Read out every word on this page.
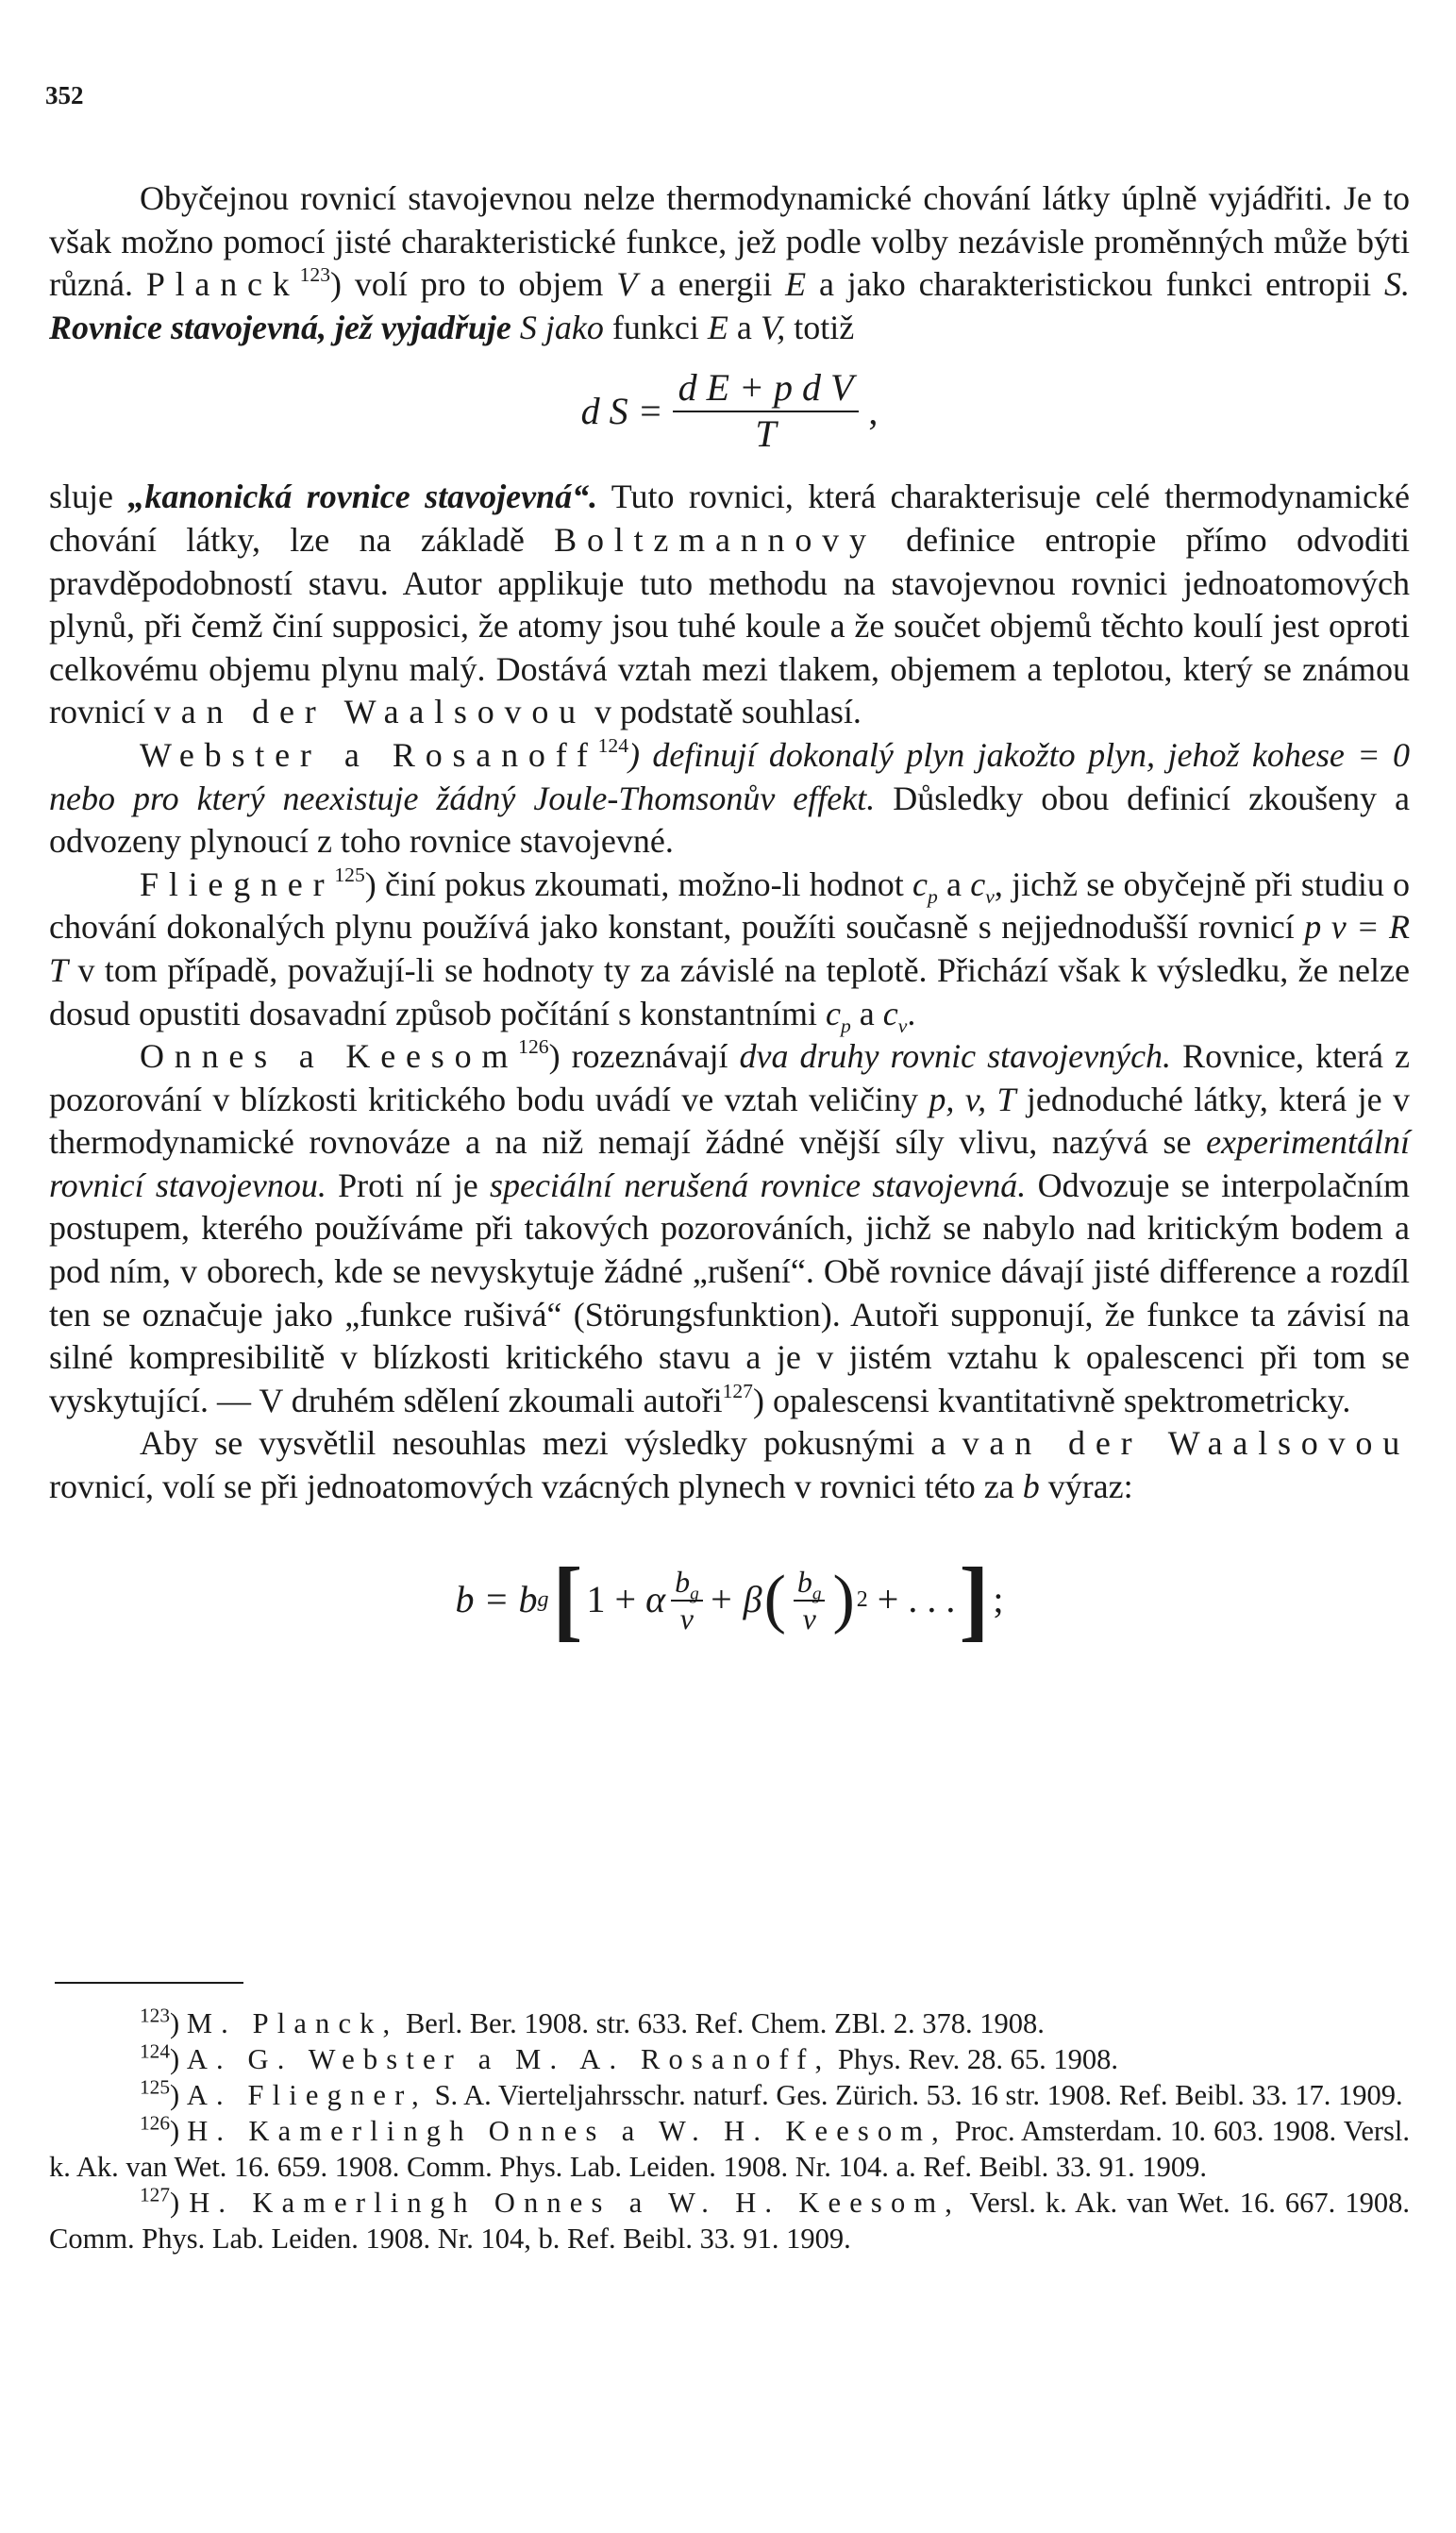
352

Obyčejnou rovnicí stavojevnou nelze thermodynamické chování látky úplně vyjádřiti. Je to však možno pomocí jisté charakteristické funkce, jež podle volby nezávisle proměnných může býti různá. Planck$^{123}$) volí pro to objem V a energii E a jako charakteristickou funkci entropii S. Rovnice stavojevná, jež vyjadřuje S jako funkci E a V, totiž

d $S = \frac{\text{d E + p d V}}{T}$ ,

sluje „kanonická rovnice stavojevná“. Tuto rovnici, která charakterisuje celé thermodynamické chování látky, lze na základě Boltzmannovy definice entropie přímo odvoditi pravděpodobností stavu. Autor applikuje tuto methodu na stavojevnou rovnici jednoatomových plynů, při čemž činí supposici, že atomy jsou tuhé koule a že součet objemů těchto koulí jest oproti celkovému objemu plynu malý. Dostává vztah mezi tlakem, objemem a teplotou, který se známou rovnicí van der Waalsovou v podstatě souhlasí.

Webster a Rosanoff$^{124}$) definují dokonalý plyn jakožto plyn, jehož kohese = 0 nebo pro který neexistuje žádný Joule-Thomsonův effekt. Důsledky obou definicí zkoušeny a odvozeny plynoucí z toho rovnice stavojevné.

Fliegner$^{125}$) činí pokus zkoumati, možno-li hodnot $c_p$ a $c_v$, jichž se obyčejně při studiu o chování dokonalých plynu používá jako konstant, použíti současně s nejjednodušší rovnicí p v = R T v tom případě, považují-li se hodnoty ty za závislé na teplotě. Přichází však k výsledku, že nelze dosud opustiti dosavadní způsob počítání s konstantními $c_p$ a $c_v$.

Onnes a Keesom$^{126}$) rozeznávají dva druhy rovnic stavojevných. Rovnice, která z pozorování v blízkosti kritického bodu uvádí ve vztah veličiny p, v, T jednoduché látky, která je v thermodynamické rovnováze a na niž nemají žádné vnější síly vlivu, nazývá se experimentální rovnicí stavojevnou. Proti ní je speciální nerušená rovnice stavojevná. Odvozuje se interpolačním postupem, kterého používáme při takových pozorováních, jichž se nabylo nad kritickým bodem a pod ním, v oborech, kde se nevyskytuje žádné „rušení“. Obě rovnice dávají jisté difference a rozdíl ten se označuje jako „funkce rušivá“ (Störungsfunktion). Autoři supponují, že funkce ta závisí na silné kompresibilitě v blízkosti kritického stavu a je v jistém vztahu k opalescenci při tom se vyskytující. — V druhém sdělení zkoumali autoři$^{127}$) opalescensi kvantitativně spektrometricky.

Aby se vysvětlil nesouhlas mezi výsledky pokusnými a van der Waalsovou rovnicí, volí se při jednoatomových vzácných plynech v rovnici této za b výraz:

b = b g [ 1 +
α $\frac{b_g}{v} + \beta$ ( $\frac{b_g}{v}$ ) 2
+ . . . ] ;

$^{123}$) M. Planck, Berl. Ber. 1908. str. 633. Ref. Chem. ZBl. 2. 378. 1908.

$^{124}$) A. G. Webster a M. A. Rosanoff, Phys. Rev. 28. 65. 1908.

$^{125}$) A. Fliegner, S. A. Vierteljahrsschr. naturf. Ges. Zürich. 53. 16 str. 1908. Ref. Beibl. 33. 17. 1909.

$^{126}$) H. Kamerlingh Onnes a W. H. Keesom, Proc. Amsterdam. 10. 603. 1908. Versl. k. Ak. van Wet. 16. 659. 1908. Comm. Phys. Lab. Leiden. 1908. Nr. 104. a. Ref. Beibl. 33. 91. 1909.

$^{127}$) H. Kamerlingh Onnes a W. H. Keesom, Versl. k. Ak. van Wet. 16. 667. 1908. Comm. Phys. Lab. Leiden. 1908. Nr. 104, b. Ref. Beibl. 33. 91. 1909.
